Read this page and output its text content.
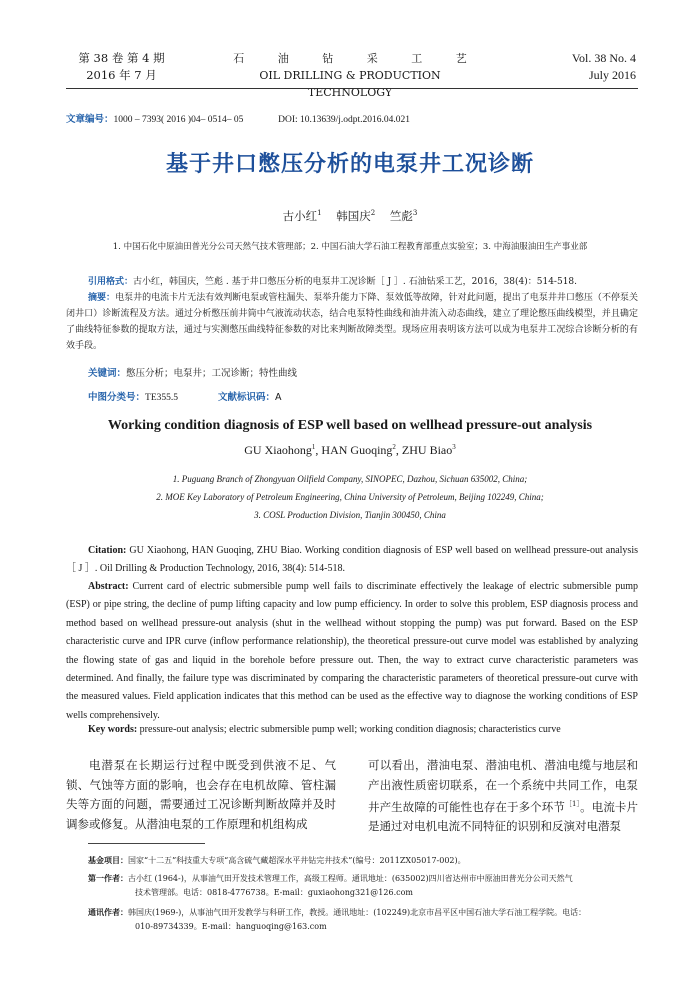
第 38 卷 第 4 期
2016 年 7 月
石 油 钻 采 工 艺
OIL DRILLING & PRODUCTION TECHNOLOGY
Vol. 38 No. 4
July 2016
文章编号：1000 – 7393( 2016 )04– 0514– 05	DOI: 10.13639/j.odpt.2016.04.021
基于井口憋压分析的电泵井工况诊断
古小红$^1$ 韩国庆$^2$ 竺彪$^3$
1. 中国石化中原油田普光分公司天然气技术管理部；2. 中国石油大学石油工程教育部重点实验室；3. 中海油服油田生产事业部
引用格式：古小红，韩国庆，竺彪 . 基于井口憋压分析的电泵井工况诊断［ J ］. 石油钻采工艺，2016，38(4)：514-518.
摘要：电泵井的电流卡片无法有效判断电泵或管柱漏失、泵举升能力下降、泵效低等故障，针对此问题，提出了电泵井井口憋压（不停泵关闭井口）诊断流程及方法。通过分析憋压前井筒中气液流动状态，结合电泵特性曲线和油井流入动态曲线，建立了理论憋压曲线模型，并且确定了曲线特征参数的提取方法，通过与实测憋压曲线特征参数的对比来判断故障类型。现场应用表明该方法可以成为电泵井工况综合诊断分析的有效手段。
关键词：憋压分析；电泵井；工况诊断；特性曲线
中图分类号：TE355.5	文献标识码：A
Working condition diagnosis of ESP well based on wellhead pressure-out analysis
GU Xiaohong$^1$, HAN Guoqing$^2$, ZHU Biao$^3$
1. Puguang Branch of Zhongyuan Oilfield Company, SINOPEC, Dazhou, Sichuan 635002, China;
2. MOE Key Laboratory of Petroleum Engineering, China University of Petroleum, Beijing 102249, China;
3. COSL Production Division, Tianjin 300450, China
Citation: GU Xiaohong, HAN Guoqing, ZHU Biao. Working condition diagnosis of ESP well based on wellhead pressure-out analysis［ J ］. Oil Drilling & Production Technology, 2016, 38(4): 514-518.
Abstract: Current card of electric submersible pump well fails to discriminate effectively the leakage of electric submersible pump (ESP) or pipe string, the decline of pump lifting capacity and low pump efficiency. In order to solve this problem, ESP diagnosis process and method based on wellhead pressure-out analysis (shut in the wellhead without stopping the pump) was put forward. Based on the ESP characteristic curve and IPR curve (inflow performance relationship), the theoretical pressure-out curve model was established by analyzing the flowing state of gas and liquid in the borehole before pressure out. Then, the way to extract curve characteristic parameters was determined. And finally, the failure type was discriminated by comparing the characteristic parameters of theoretical pressure-out curve with the measured values. Field application indicates that this method can be used as the effective way to diagnose the working conditions of ESP wells comprehensively.
Key words: pressure-out analysis; electric submersible pump well; working condition diagnosis; characteristics curve
电潜泵在长期运行过程中既受到供液不足、气锁、气蚀等方面的影响，也会存在电机故障、管柱漏失等方面的问题，需要通过工况诊断判断故障并及时调参或修复。从潜油电泵的工作原理和机组构成
可以看出，潜油电泵、潜油电机、潜油电缆与地层和产出液性质密切联系，在一个系统中共同工作，电泵井产生故障的可能性也存在于多个环节$^{[1]}$。电流卡片是通过对电机电流不同特征的识别和反演对电潜泵
基金项目：国家“十二五”科技重大专项“高含硫气藏超深水平井钻完井技术”(编号：2011ZX05017-002)。
第一作者：古小红 (1964-)，从事油气田开发技术管理工作，高级工程师。通讯地址：(635002)四川省达州市中原油田普光分公司天然气
技术管理部。电话：0818-4776738。E-mail：guxiaohong321@126.com
通讯作者：韩国庆(1969-)，从事油气田开发教学与科研工作，教授。通讯地址：(102249)北京市昌平区中国石油大学石油工程学院。电话：
010-89734339。E-mail：hanguoqing@163.com
